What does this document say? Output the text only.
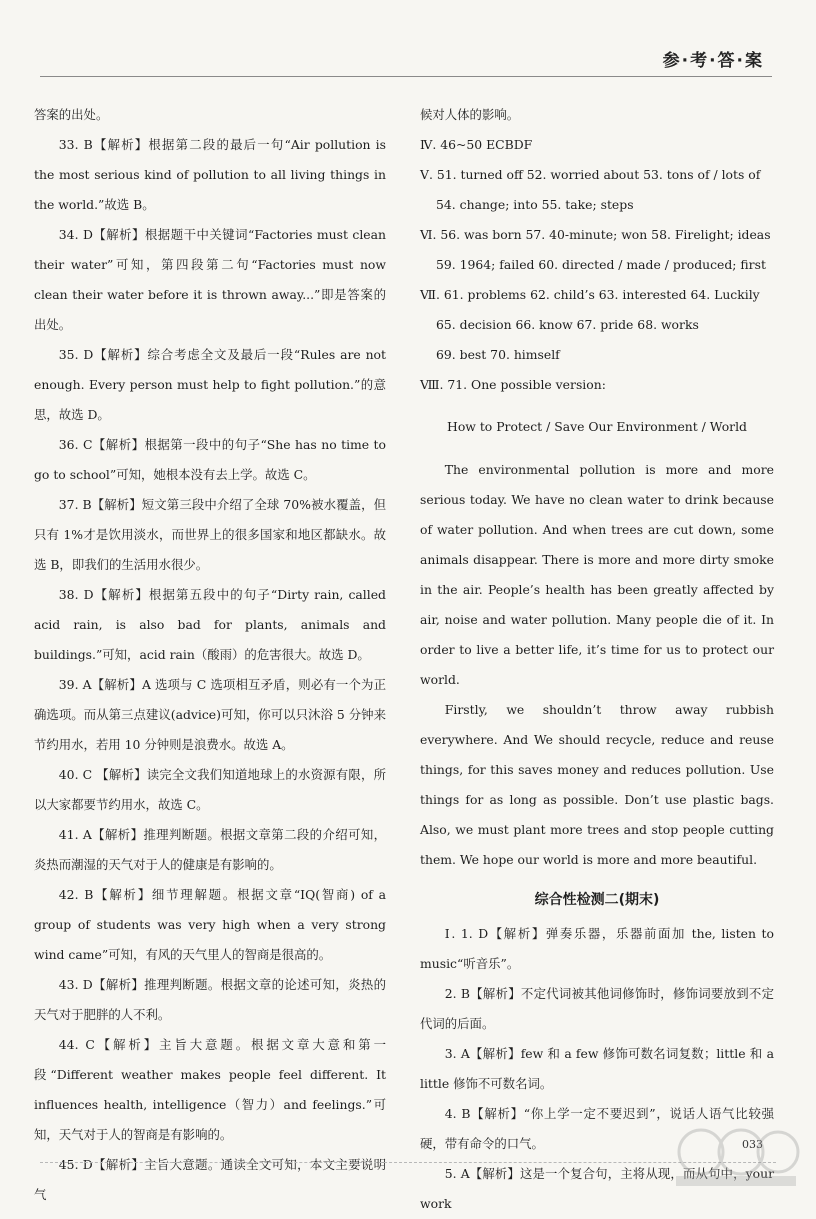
参·考·答·案

答案的出处。

33. B【解析】根据第二段的最后一句“Air pollution is the most serious kind of pollution to all living things in the world.”故选 B。

34. D【解析】根据题干中关键词“Factories must clean their water”可知，第四段第二句“Factories must now clean their water before it is thrown away...”即是答案的出处。

35. D【解析】综合考虑全文及最后一段“Rules are not enough. Every person must help to fight pollution.”的意思，故选 D。

36. C【解析】根据第一段中的句子“She has no time to go to school”可知，她根本没有去上学。故选 C。

37. B【解析】短文第三段中介绍了全球 70%被水覆盖，但只有 1%才是饮用淡水，而世界上的很多国家和地区都缺水。故选 B，即我们的生活用水很少。

38. D【解析】根据第五段中的句子“Dirty rain, called acid rain, is also bad for plants, animals and buildings.”可知，acid rain（酸雨）的危害很大。故选 D。

39. A【解析】A 选项与 C 选项相互矛盾，则必有一个为正确选项。而从第三点建议(advice)可知，你可以只沐浴 5 分钟来节约用水，若用 10 分钟则是浪费水。故选 A。

40. C 【解析】读完全文我们知道地球上的水资源有限，所以大家都要节约用水，故选 C。

41. A【解析】推理判断题。根据文章第二段的介绍可知，炎热而潮湿的天气对于人的健康是有影响的。

42. B【解析】细节理解题。根据文章“IQ(智商) of a group of students was very high when a very strong wind came”可知，有风的天气里人的智商是很高的。

43. D【解析】推理判断题。根据文章的论述可知，炎热的天气对于肥胖的人不利。

44. C【解析】主旨大意题。根据文章大意和第一段“Different weather makes people feel different. It influences health, intelligence（智力）and feelings.”可知，天气对于人的智商是有影响的。

45. D【解析】主旨大意题。通读全文可知，本文主要说明气

候对人体的影响。

Ⅳ. 46~50 ECBDF

Ⅴ. 51. turned off 52. worried about 53. tons of / lots of

54. change; into 55. take; steps

Ⅵ. 56. was born 57. 40-minute; won 58. Firelight; ideas

59. 1964; failed 60. directed / made / produced; first

Ⅶ. 61. problems 62. child’s 63. interested 64. Luckily

65. decision 66. know 67. pride 68. works

69. best 70. himself

Ⅷ. 71. One possible version:

How to Protect / Save Our Environment / World

The environmental pollution is more and more serious today. We have no clean water to drink because of water pollution. And when trees are cut down, some animals disappear. There is more and more dirty smoke in the air. People’s health has been greatly affected by air, noise and water pollution. Many people die of it. In order to live a better life, it’s time for us to protect our world.

Firstly, we shouldn’t throw away rubbish everywhere. And We should recycle, reduce and reuse things, for this saves money and reduces pollution. Use things for as long as possible. Don’t use plastic bags. Also, we must plant more trees and stop people cutting them. We hope our world is more and more beautiful.

综合性检测二(期末)

Ⅰ. 1. D【解析】弹奏乐器，乐器前面加 the, listen to music“听音乐”。

2. B【解析】不定代词被其他词修饰时，修饰词要放到不定代词的后面。

3. A【解析】few 和 a few 修饰可数名词复数；little 和 a little 修饰不可数名词。

4. B【解析】“你上学一定不要迟到”，说话人语气比较强硬，带有命令的口气。

5. A【解析】这是一个复合句，主将从现，而从句中，your work

033
